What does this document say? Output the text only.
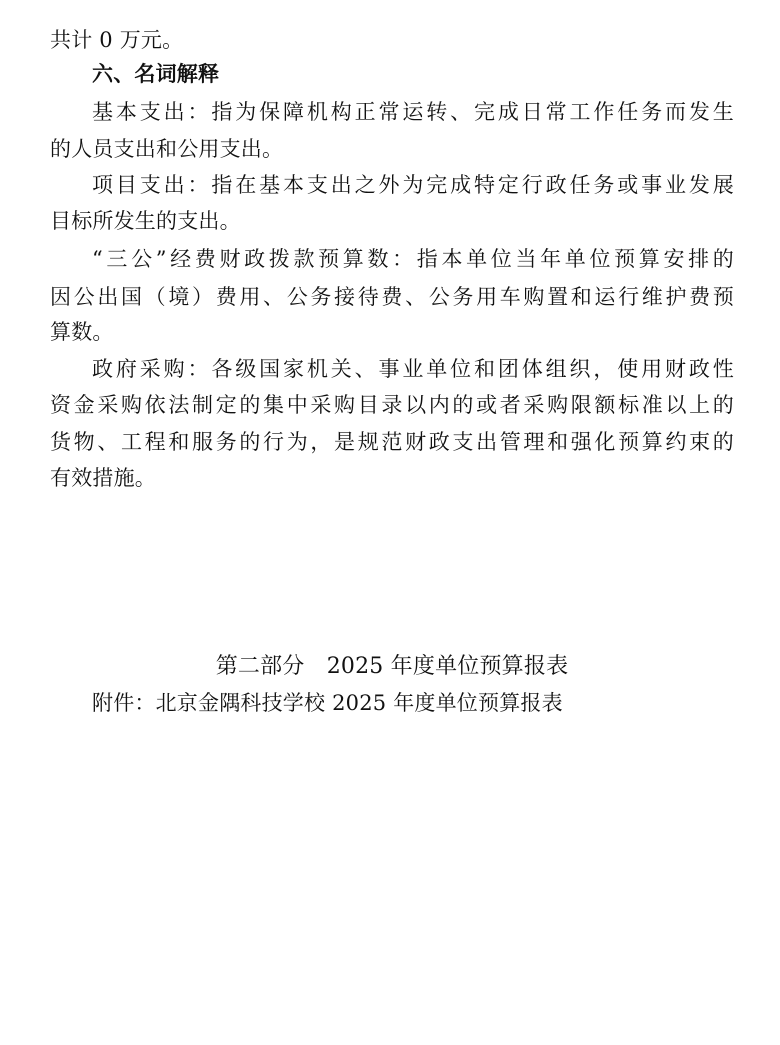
共计 0 万元。
六、名词解释
基本支出：指为保障机构正常运转、完成日常工作任务而发生
的人员支出和公用支出。
项目支出：指在基本支出之外为完成特定行政任务或事业发展
目标所发生的支出。
“三公”经费财政拨款预算数：指本单位当年单位预算安排的
因公出国（境）费用、公务接待费、公务用车购置和运行维护费预
算数。
政府采购：各级国家机关、事业单位和团体组织，使用财政性
资金采购依法制定的集中采购目录以内的或者采购限额标准以上的
货物、工程和服务的行为，是规范财政支出管理和强化预算约束的
有效措施。
第二部分　2025 年度单位预算报表
附件：北京金隅科技学校 2025 年度单位预算报表
